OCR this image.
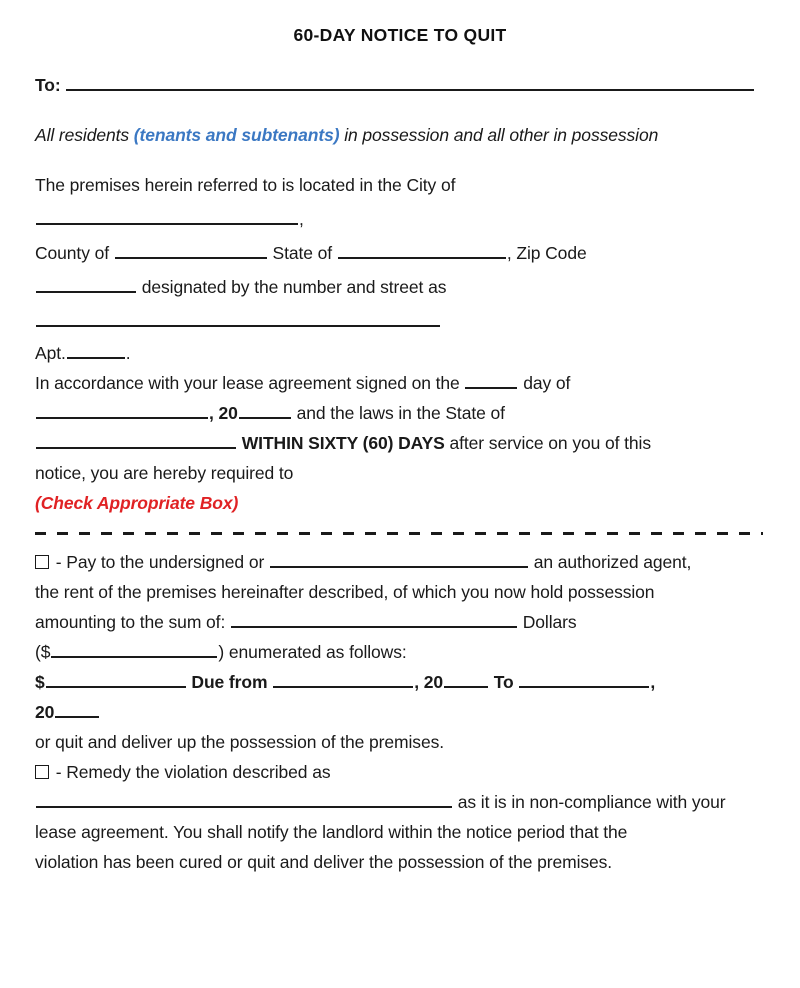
60-DAY NOTICE TO QUIT
To:
All residents (tenants and subtenants) in possession and all other in possession
The premises herein referred to is located in the City of
,
County of	State of	, Zip Code
designated by the number and street as
Apt.	.
In accordance with your lease agreement signed on the	day of
, 20	and the laws in the State of
WITHIN SIXTY (60) DAYS after service on you of this
notice, you are hereby required to
(Check Appropriate Box)
- Pay to the undersigned or	an authorized agent,
the rent of the premises hereinafter described, of which you now hold possession
amounting to the sum of:	Dollars
($	) enumerated as follows:
$	Due from	, 20	To	,
20
or quit and deliver up the possession of the premises.
- Remedy the violation described as
as it is in non-compliance with your
lease agreement. You shall notify the landlord within the notice period that the
violation has been cured or quit and deliver the possession of the premises.
